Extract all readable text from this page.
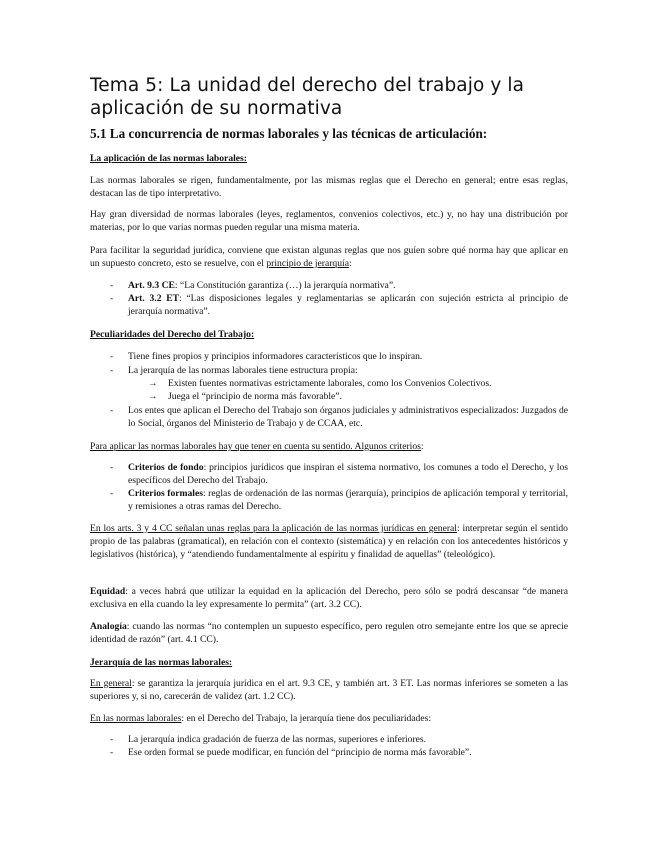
Tema 5: La unidad del derecho del trabajo y la aplicación de su normativa
5.1 La concurrencia de normas laborales y las técnicas de articulación:

La aplicación de las normas laborales:

Las normas laborales se rigen, fundamentalmente, por las mismas reglas que el Derecho en general; entre esas reglas, destacan las de tipo interpretativo.

Hay gran diversidad de normas laborales (leyes, reglamentos, convenios colectivos, etc.) y, no hay una distribución por materias, por lo que varias normas pueden regular una misma materia.

Para facilitar la seguridad jurídica, conviene que existan algunas reglas que nos guíen sobre qué norma hay que aplicar en un supuesto concreto, esto se resuelve, con el principio de jerarquía:

- Art. 9.3 CE: “La Constitución garantiza (…) la jerarquía normativa”.
- Art. 3.2 ET: “Las disposiciones legales y reglamentarias se aplicarán con sujeción estricta al principio de jerarquía normativa”.

Peculiaridades del Derecho del Trabajo:

- Tiene fines propios y principios informadores característicos que lo inspiran.
- La jerarquía de las normas laborales tiene estructura propia:
→ Existen fuentes normativas estrictamente laborales, como los Convenios Colectivos.
→ Juega el “principio de norma más favorable”.
- Los entes que aplican el Derecho del Trabajo son órganos judiciales y administrativos especializados: Juzgados de lo Social, órganos del Ministerio de Trabajo y de CCAA, etc.

Para aplicar las normas laborales hay que tener en cuenta su sentido. Algunos criterios:

- Criterios de fondo: principios jurídicos que inspiran el sistema normativo, los comunes a todo el Derecho, y los específicos del Derecho del Trabajo.
- Criterios formales: reglas de ordenación de las normas (jerarquía), principios de aplicación temporal y territorial, y remisiones a otras ramas del Derecho.

En los arts. 3 y 4 CC señalan unas reglas para la aplicación de las normas jurídicas en general: interpretar según el sentido propio de las palabras (gramatical), en relación con el contexto (sistemática) y en relación con los antecedentes históricos y legislativos (histórica), y “atendiendo fundamentalmente al espíritu y finalidad de aquellas” (teleológico).

Equidad: a veces habrá que utilizar la equidad en la aplicación del Derecho, pero sólo se podrá descansar “de manera exclusiva en ella cuando la ley expresamente lo permita” (art. 3.2 CC).

Analogía: cuando las normas “no contemplen un supuesto específico, pero regulen otro semejante entre los que se aprecie identidad de razón” (art. 4.1 CC).

Jerarquía de las normas laborales:

En general: se garantiza la jerarquía jurídica en el art. 9.3 CE, y también art. 3 ET. Las normas inferiores se someten a las superiores y, si no, carecerán de validez (art. 1.2 CC).

En las normas laborales: en el Derecho del Trabajo, la jerarquía tiene dos peculiaridades:

- La jerarquía indica gradación de fuerza de las normas, superiores e inferiores.
- Ese orden formal se puede modificar, en función del “principio de norma más favorable”.
